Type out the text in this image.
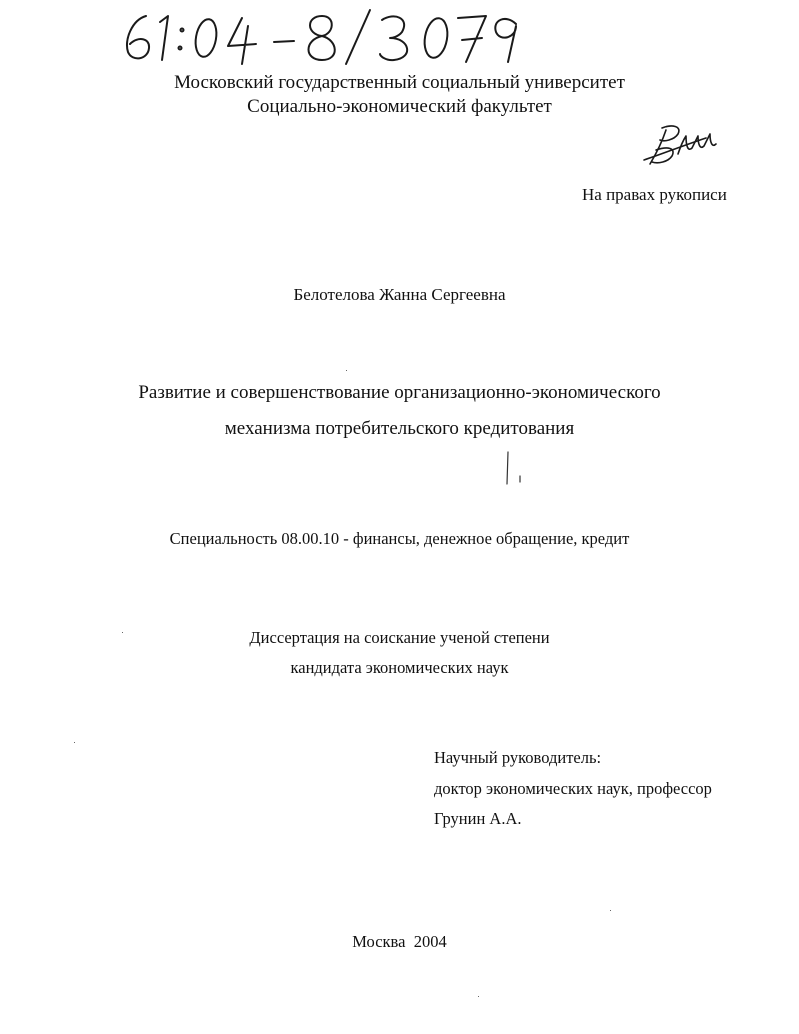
Московский государственный социальный университет
Социально-экономический факультет
На правах рукописи
Белотелова Жанна Сергеевна
Развитие и совершенствование организационно-экономического
механизма потребительского кредитования
Специальность 08.00.10 - финансы, денежное обращение, кредит
Диссертация на соискание ученой степени
кандидата экономических наук
Научный руководитель:
доктор экономических наук, профессор
Грунин А.А.
Москва  2004
